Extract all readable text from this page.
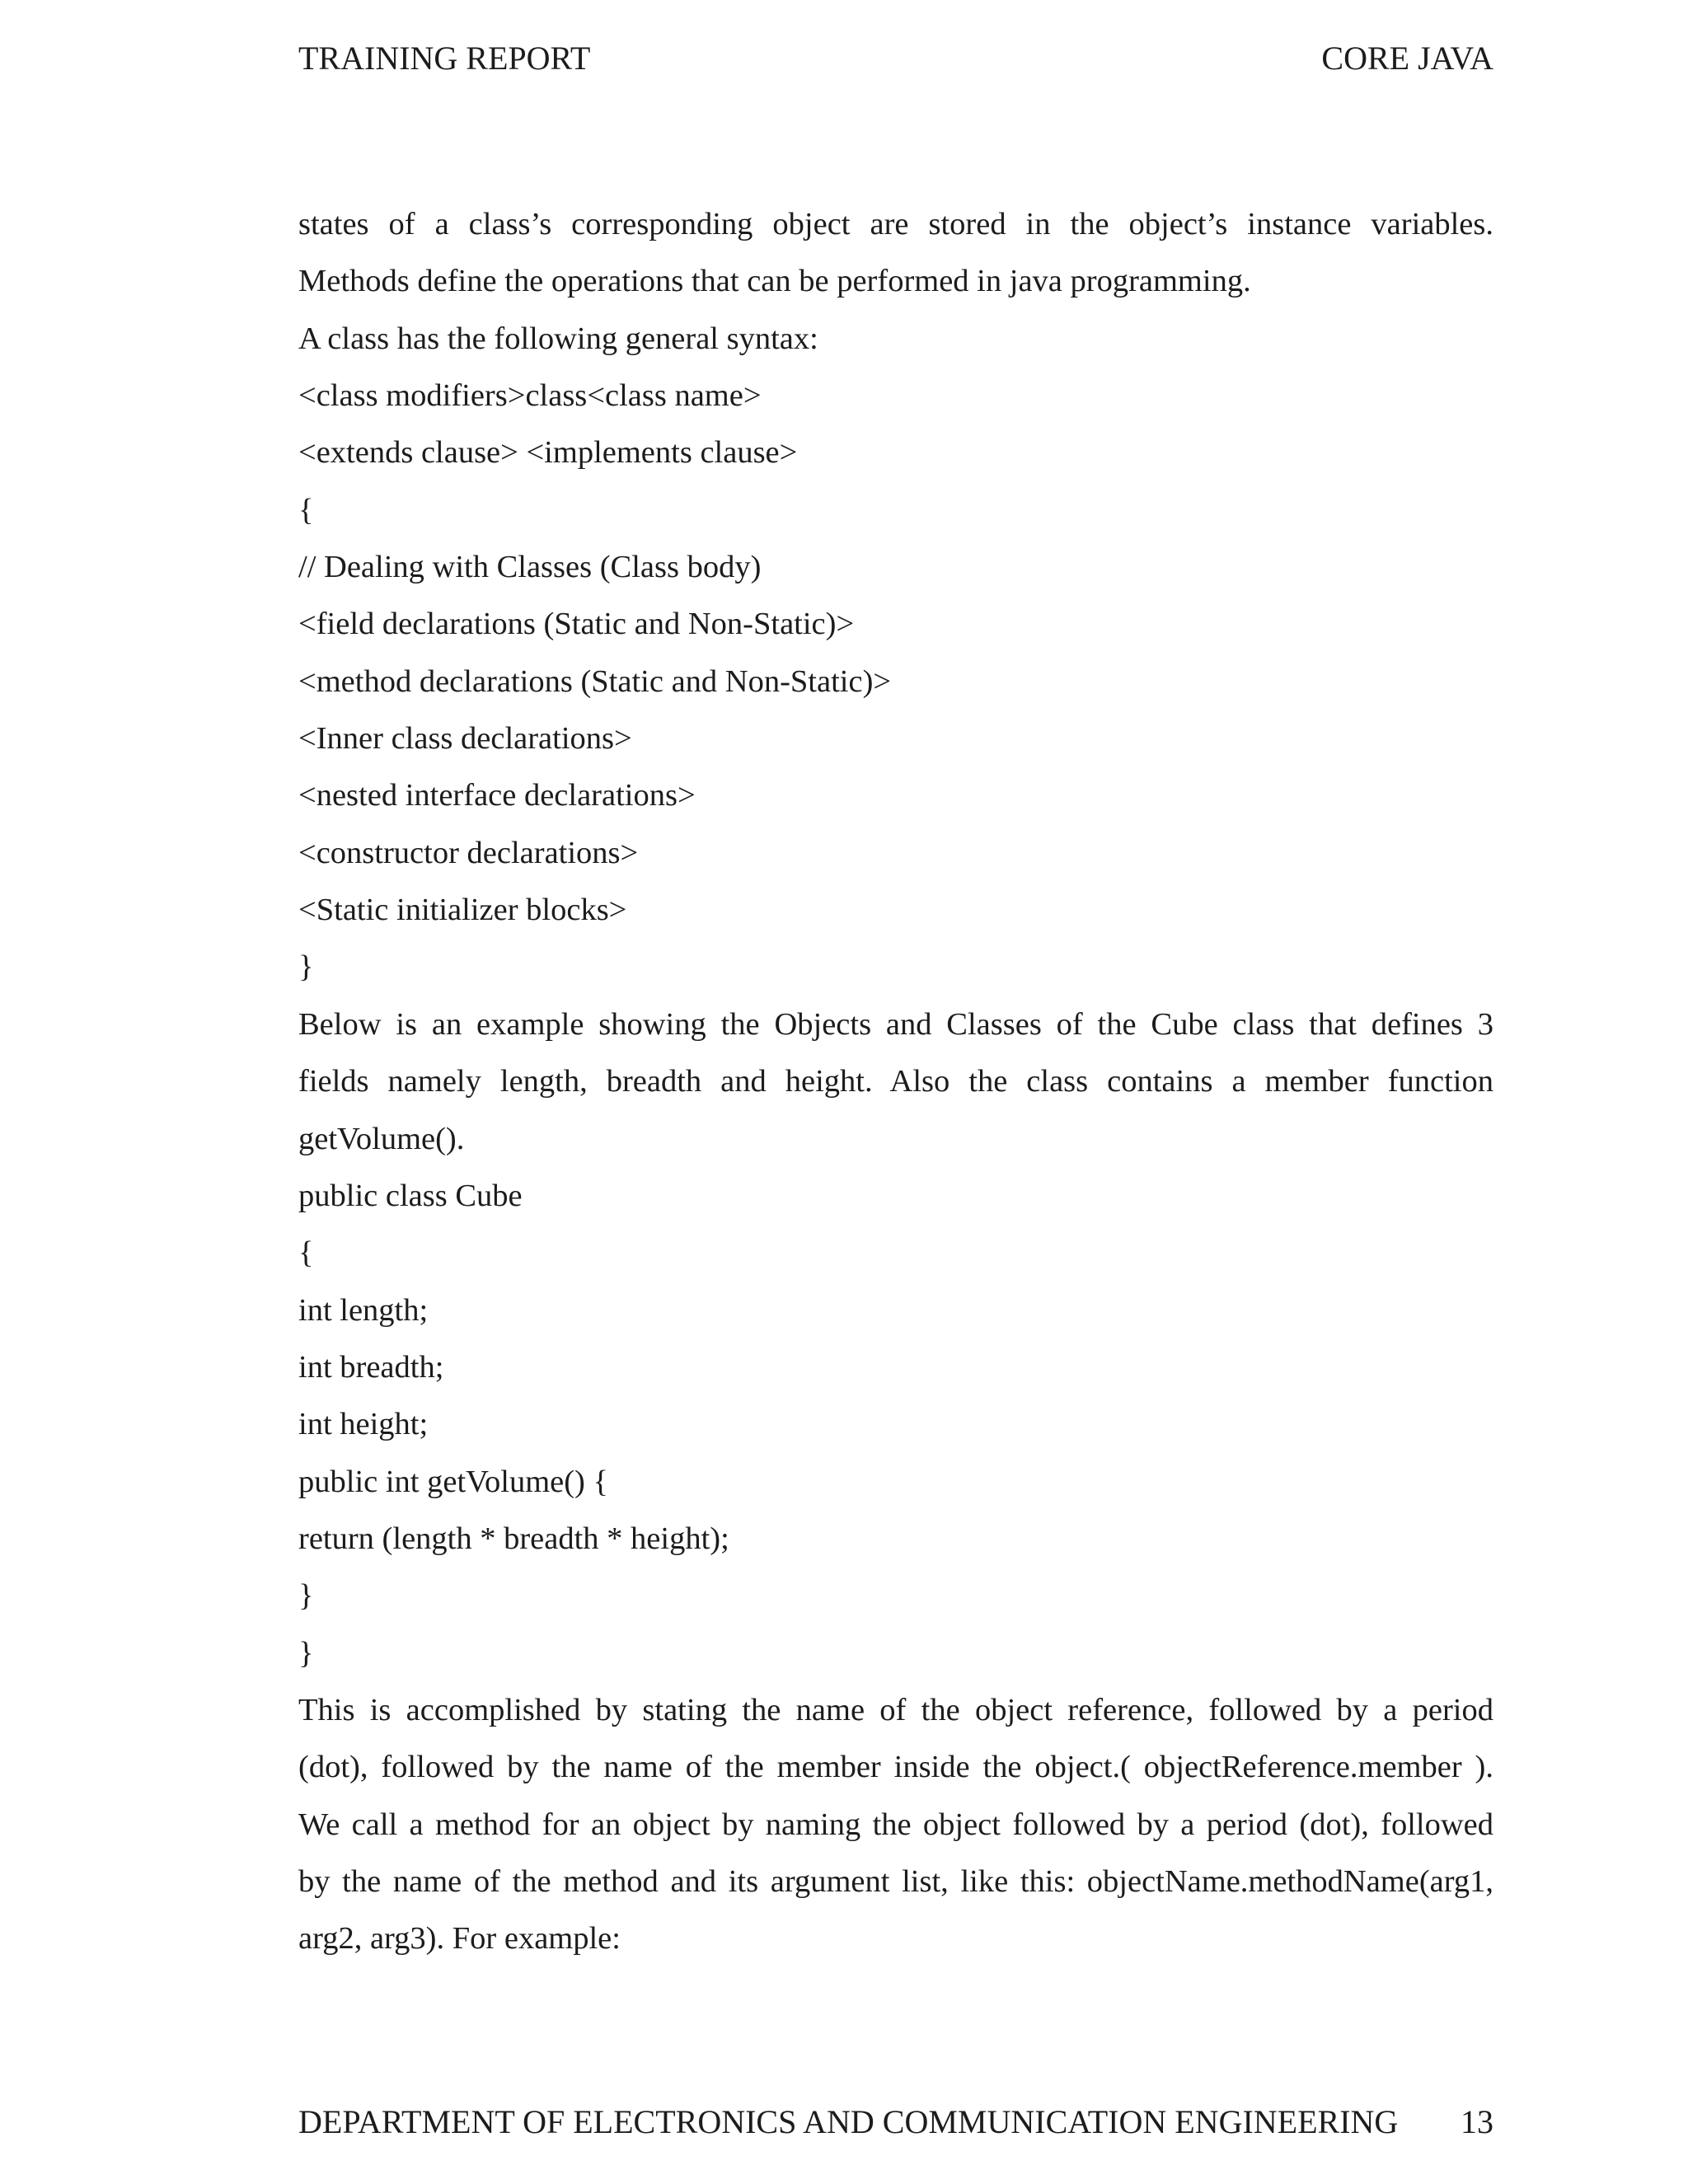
TRAINING REPORT	CORE JAVA
states of a class’s corresponding object are stored in the object’s instance variables.
Methods define the operations that can be performed in java programming.
A class has the following general syntax:
<class modifiers>class<class name>
<extends clause> <implements clause>
{
// Dealing with Classes (Class body)
<field declarations (Static and Non-Static)>
<method declarations (Static and Non-Static)>
<Inner class declarations>
<nested interface declarations>
<constructor declarations>
<Static initializer blocks>
}
Below is an example showing the Objects and Classes of the Cube class that defines 3
fields namely length, breadth and height. Also the class contains a member function
getVolume().
public class Cube
{
int length;
int breadth;
int height;
public int getVolume() {
return (length * breadth * height);
}
}
This is accomplished by stating the name of the object reference, followed by a period
(dot), followed by the name of the member inside the object.( objectReference.member ).
We call a method for an object by naming the object followed by a period (dot), followed
by the name of the method and its argument list, like this: objectName.methodName(arg1,
arg2, arg3). For example:
DEPARTMENT OF ELECTRONICS AND COMMUNICATION ENGINEERING 13
